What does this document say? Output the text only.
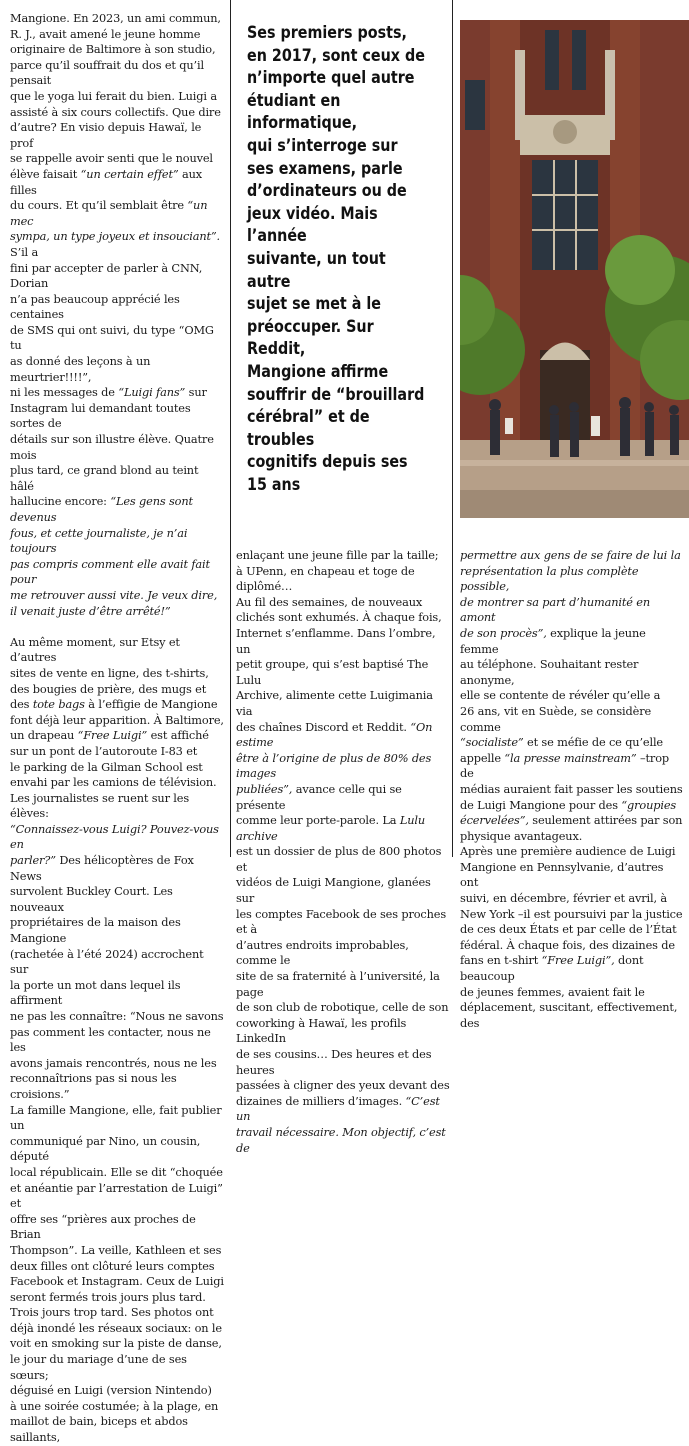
Mangione. En 2023, un ami commun,
R. J., avait amené le jeune homme
originaire de Baltimore à son studio,
parce qu’il souffrait du dos et qu’il pensait
que le yoga lui ferait du bien. Luigi a
assisté à six cours collectifs. Que dire
d’autre? En visio depuis Hawaï, le prof
se rappelle avoir senti que le nouvel
élève faisait “un certain effet” aux filles
du cours. Et qu’il semblait être “un mec
sympa, un type joyeux et insouciant”. S’il a
fini par accepter de parler à CNN, Dorian
n’a pas beaucoup apprécié les centaines
de SMS qui ont suivi, du type “OMG tu
as donné des leçons à un meurtrier!!!!”,
ni les messages de “Luigi fans” sur
Instagram lui demandant toutes sortes de
détails sur son illustre élève. Quatre mois
plus tard, ce grand blond au teint hâlé
hallucine encore: “Les gens sont devenus
fous, et cette journaliste, je n’ai toujours
pas compris comment elle avait fait pour
me retrouver aussi vite. Je veux dire,
il venait juste d’être arrêté!”

Au même moment, sur Etsy et d’autres
sites de vente en ligne, des t-shirts,
des bougies de prière, des mugs et
des tote bags à l’effigie de Mangione
font déjà leur apparition. À Baltimore,
un drapeau “Free Luigi” est affiché
sur un pont de l’autoroute I-83 et
le parking de la Gilman School est
envahi par les camions de télévision.
Les journalistes se ruent sur les élèves:
“Connaissez-vous Luigi? Pouvez-vous en
parler?” Des hélicoptères de Fox News
survolent Buckley Court. Les nouveaux
propriétaires de la maison des Mangione
(rachetée à l’été 2024) accrochent sur
la porte un mot dans lequel ils affirment
ne pas les connaître: “Nous ne savons
pas comment les contacter, nous ne les
avons jamais rencontrés, nous ne les
reconnaîtrions pas si nous les croisions.”
La famille Mangione, elle, fait publier un
communiqué par Nino, un cousin, député
local républicain. Elle se dit “choquée
et anéantie par l’arrestation de Luigi” et
offre ses “prières aux proches de Brian
Thompson”. La veille, Kathleen et ses
deux filles ont clôturé leurs comptes
Facebook et Instagram. Ceux de Luigi
seront fermés trois jours plus tard.
Trois jours trop tard. Ses photos ont
déjà inondé les réseaux sociaux: on le
voit en smoking sur la piste de danse,
le jour du mariage d’une de ses sœurs;
déguisé en Luigi (version Nintendo)
à une soirée costumée; à la plage, en
maillot de bain, biceps et abdos saillants,

Ses premiers posts,
en 2017, sont ceux de
n’importe quel autre
étudiant en informatique,
qui s’interroge sur
ses examens, parle
d’ordinateurs ou de
jeux vidéo. Mais l’année
suivante, un tout autre
sujet se met à le
préoccuper. Sur Reddit,
Mangione affirme
souffrir de “brouillard
cérébral” et de troubles
cognitifs depuis ses
15 ans

enlaçant une jeune fille par la taille;
à UPenn, en chapeau et toge de diplômé…
Au fil des semaines, de nouveaux
clichés sont exhumés. À chaque fois,
Internet s’enflamme. Dans l’ombre, un
petit groupe, qui s’est baptisé The Lulu
Archive, alimente cette Luigimania via
des chaînes Discord et Reddit. “On estime
être à l’origine de plus de 80% des images
publiées”, avance celle qui se présente
comme leur porte-parole. La Lulu archive
est un dossier de plus de 800 photos et
vidéos de Luigi Mangione, glanées sur
les comptes Facebook de ses proches et à
d’autres endroits improbables, comme le
site de sa fraternité à l’université, la page
de son club de robotique, celle de son
coworking à Hawaï, les profils LinkedIn
de ses cousins… Des heures et des heures
passées à cligner des yeux devant des
dizaines de milliers d’images. “C’est un
travail nécessaire. Mon objectif, c’est de

permettre aux gens de se faire de lui la
représentation la plus complète possible,
de montrer sa part d’humanité en amont
de son procès”, explique la jeune femme
au téléphone. Souhaitant rester anonyme,
elle se contente de révéler qu’elle a
26 ans, vit en Suède, se considère comme
“socialiste” et se méfie de ce qu’elle
appelle “la presse mainstream” –trop de
médias auraient fait passer les soutiens
de Luigi Mangione pour des “groupies
écervelées”, seulement attirées par son
physique avantageux.
Après une première audience de Luigi
Mangione en Pennsylvanie, d’autres ont
suivi, en décembre, février et avril, à
New York –il est poursuivi par la justice
de ces deux États et par celle de l’État
fédéral. À chaque fois, des dizaines de
fans en t-shirt “Free Luigi”, dont beaucoup
de jeunes femmes, avaient fait le
déplacement, suscitant, effectivement, des
